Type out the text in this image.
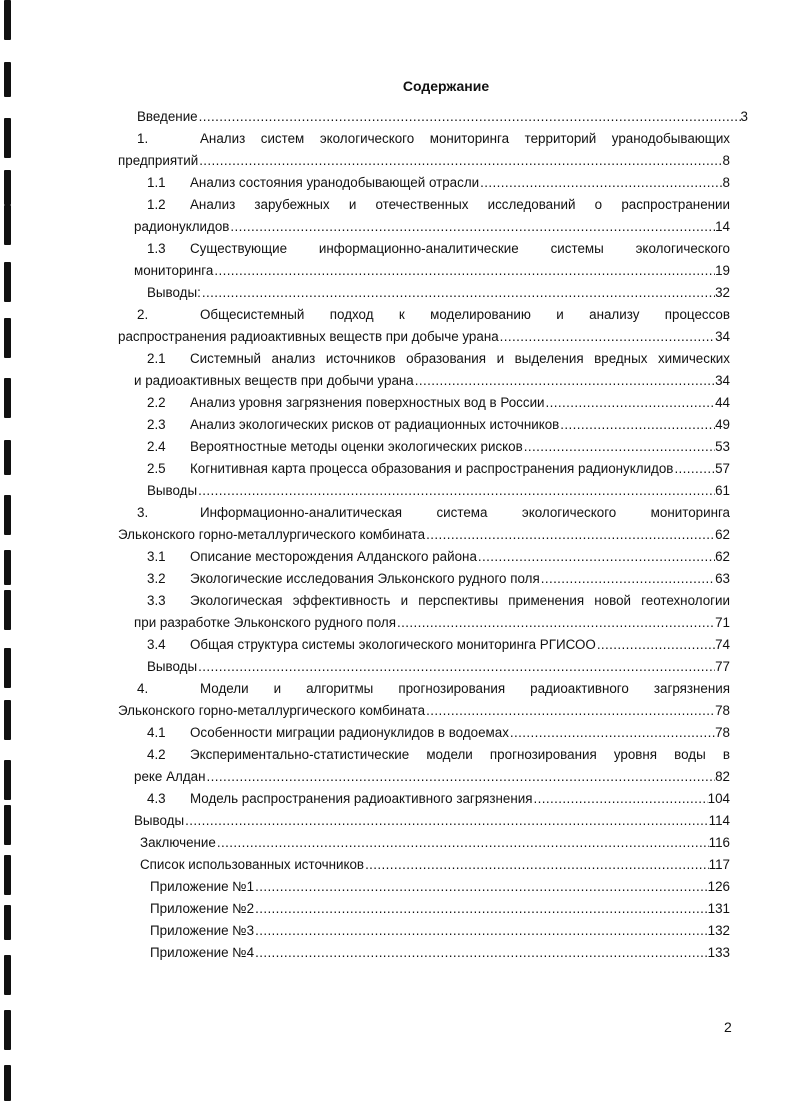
Содержание
Введение .....	3
1.	Анализ систем экологического мониторинга территорий уранодобывающих
предприятий .....	8
1.1	Анализ состояния уранодобывающей отрасли .....	8
1.2	Анализ зарубежных и отечественных исследований о распространении
радионуклидов .....	14
1.3	Существующие информационно-аналитические системы экологического
мониторинга .....	19
Выводы: .....	32
2.	Общесистемный подход к моделированию и анализу процессов
распространения радиоактивных веществ при добыче урана .....	34
2.1	Системный анализ источников образования и выделения вредных химических
и радиоактивных веществ при добычи урана .....	34
2.2	Анализ уровня загрязнения поверхностных вод в России .....	44
2.3	Анализ экологических рисков от радиационных источников .....	49
2.4	Вероятностные методы оценки экологических рисков .....	53
2.5	Когнитивная карта процесса образования и распространения радионуклидов .....	57
Выводы .....	61
3.	Информационно-аналитическая система экологического мониторинга
Эльконского горно-металлургического комбината .....	62
3.1	Описание месторождения Алданского района .....	62
3.2	Экологические исследования Эльконского рудного поля .....	63
3.3	Экологическая эффективность и перспективы применения новой геотехнологии
при разработке Эльконского рудного поля .....	71
3.4	Общая структура системы экологического мониторинга РГИСОО .....	74
Выводы .....	77
4.	Модели и алгоритмы прогнозирования радиоактивного загрязнения
Эльконского горно-металлургического комбината .....	78
4.1	Особенности миграции радионуклидов в водоемах .....	78
4.2	Экспериментально-статистические модели прогнозирования уровня воды в
реке Алдан .....	82
4.3	Модель распространения радиоактивного загрязнения .....	104
Выводы .....	114
Заключение .....	116
Список использованных источников .....	117
Приложение №1 .....	126
Приложение №2 .....	131
Приложение №3 .....	132
Приложение №4 .....	133
2
